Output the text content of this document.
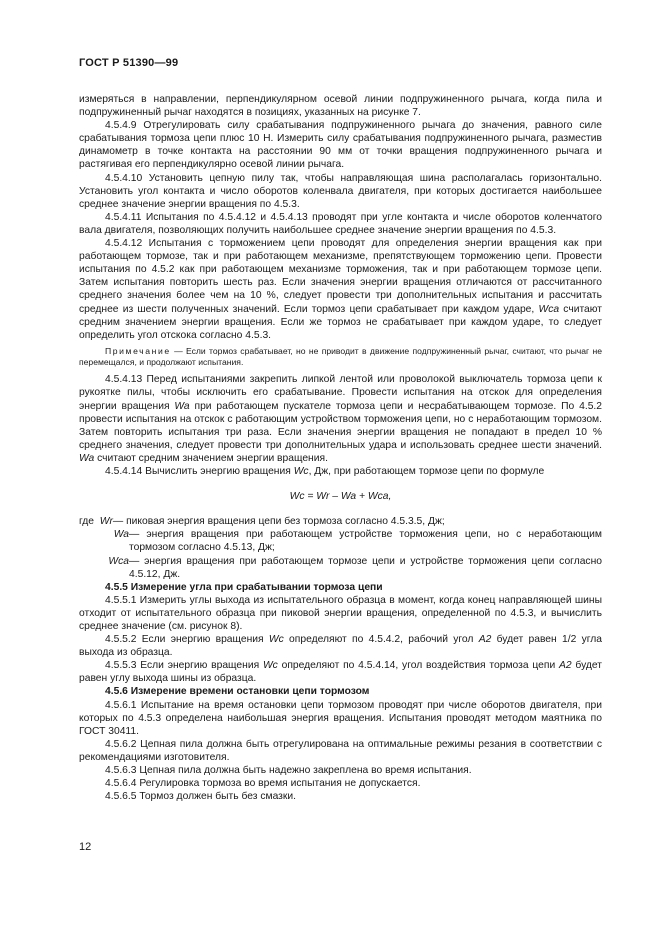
ГОСТ Р 51390—99

измеряться в направлении, перпендикулярном осевой линии подпружиненного рычага, когда пила и подпружиненный рычаг находятся в позициях, указанных на рисунке 7.

4.5.4.9 Отрегулировать силу срабатывания подпружиненного рычага до значения, равного силе срабатывания тормоза цепи плюс 10 Н. Измерить силу срабатывания подпружиненного рычага, разместив динамометр в точке контакта на расстоянии 90 мм от точки вращения подпружиненного рычага и растягивая его перпендикулярно осевой линии рычага.

4.5.4.10 Установить цепную пилу так, чтобы направляющая шина располагалась горизонтально. Установить угол контакта и число оборотов коленвала двигателя, при которых достигается наибольшее среднее значение энергии вращения по 4.5.3.

4.5.4.11 Испытания по 4.5.4.12 и 4.5.4.13 проводят при угле контакта и числе оборотов коленчатого вала двигателя, позволяющих получить наибольшее среднее значение энергии вращения по 4.5.3.

4.5.4.12 Испытания с торможением цепи проводят для определения энергии вращения как при работающем тормозе, так и при работающем механизме, препятствующем торможению цепи. Провести испытания по 4.5.2 как при работающем механизме торможения, так и при работающем тормозе цепи. Затем испытания повторить шесть раз. Если значения энергии вращения отличаются от рассчитанного среднего значения более чем на 10 %, следует провести три дополнительных испытания и рассчитать среднее из шести полученных значений. Если тормоз цепи срабатывает при каждом ударе, Wca считают средним значением энергии вращения. Если же тормоз не срабатывает при каждом ударе, то следует определить угол отскока согласно 4.5.3.

Примечание — Если тормоз срабатывает, но не приводит в движение подпружиненный рычаг, считают, что рычаг не перемещался, и продолжают испытания.

4.5.4.13 Перед испытаниями закрепить липкой лентой или проволокой выключатель тормоза цепи к рукоятке пилы, чтобы исключить его срабатывание. Провести испытания на отскок для определения энергии вращения Wa при работающем пускателе тормоза цепи и несрабатывающем тормозе. По 4.5.2 провести испытания на отскок с работающим устройством торможения цепи, но с неработающим тормозом. Затем повторить испытания три раза. Если значения энергии вращения не попадают в предел 10 % среднего значения, следует провести три дополнительных удара и использовать среднее шести значений. Wa считают средним значением энергии вращения.

4.5.4.14 Вычислить энергию вращения Wc, Дж, при работающем тормозе цепи по формуле

Wc = Wr – Wa + Wca,

где Wr — пиковая энергия вращения цепи без тормоза согласно 4.5.3.5, Дж;
Wa — энергия вращения при работающем устройстве торможения цепи, но с неработающим тормозом согласно 4.5.13, Дж;
Wca — энергия вращения при работающем тормозе цепи и устройстве торможения цепи согласно 4.5.12, Дж.

4.5.5 Измерение угла при срабатывании тормоза цепи

4.5.5.1 Измерить углы выхода из испытательного образца в момент, когда конец направляющей шины отходит от испытательного образца при пиковой энергии вращения, определенной по 4.5.3, и вычислить среднее значение (см. рисунок 8).

4.5.5.2 Если энергию вращения Wc определяют по 4.5.4.2, рабочий угол A2 будет равен 1/2 угла выхода из образца.

4.5.5.3 Если энергию вращения Wc определяют по 4.5.4.14, угол воздействия тормоза цепи A2 будет равен углу выхода шины из образца.

4.5.6 Измерение времени остановки цепи тормозом

4.5.6.1 Испытание на время остановки цепи тормозом проводят при числе оборотов двигателя, при которых по 4.5.3 определена наибольшая энергия вращения. Испытания проводят методом маятника по ГОСТ 30411.

4.5.6.2 Цепная пила должна быть отрегулирована на оптимальные режимы резания в соответствии с рекомендациями изготовителя.

4.5.6.3 Цепная пила должна быть надежно закреплена во время испытания.

4.5.6.4 Регулировка тормоза во время испытания не допускается.

4.5.6.5 Тормоз должен быть без смазки.

12
